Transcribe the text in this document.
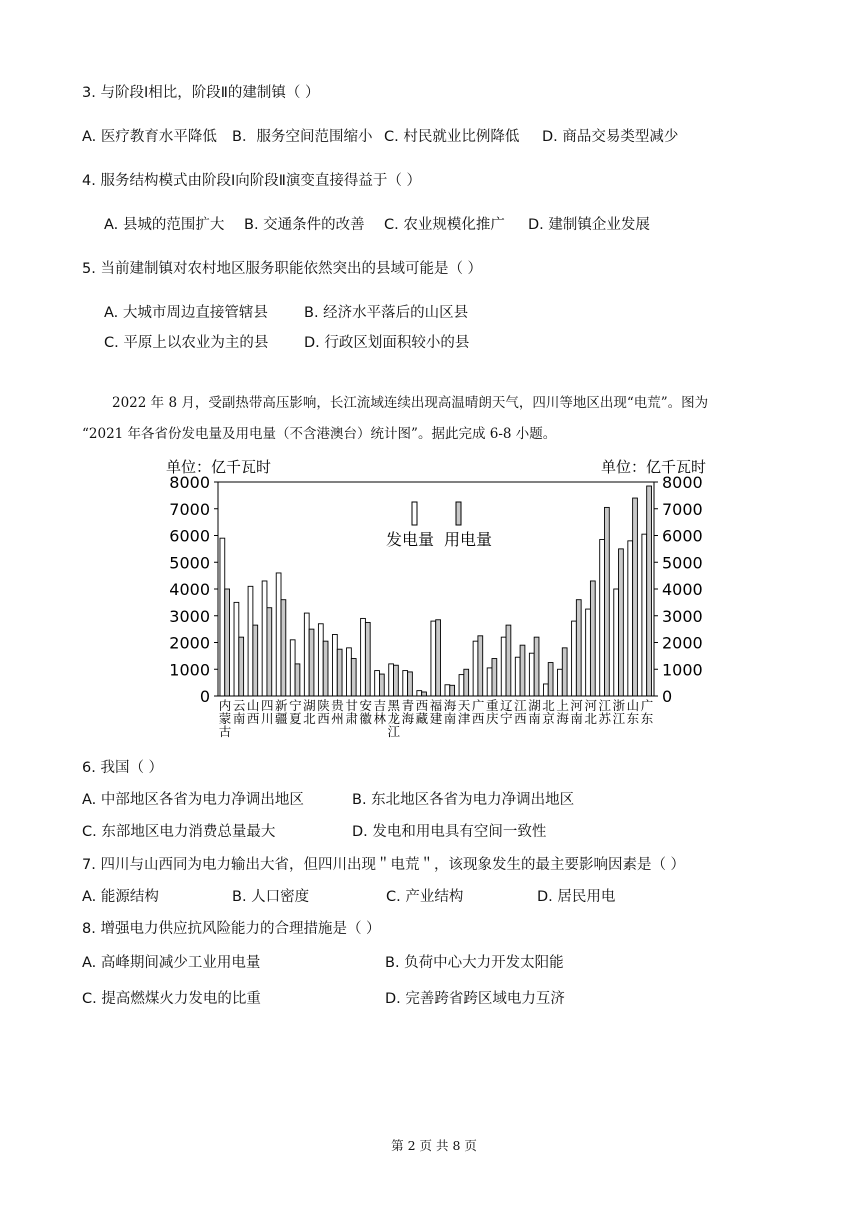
3. 与阶段Ⅰ相比，阶段Ⅱ的建制镇（ ）
A. 医疗教育水平降低 B．服务空间范围缩小 C. 村民就业比例降低 D. 商品交易类型减少
4. 服务结构模式由阶段Ⅰ向阶段Ⅱ演变直接得益于（ ）
A. 县城的范围扩大 B. 交通条件的改善 C. 农业规模化推广 D. 建制镇企业发展
5. 当前建制镇对农村地区服务职能依然突出的县域可能是（ ）
A. 大城市周边直接管辖县 B. 经济水平落后的山区县
C. 平原上以农业为主的县 D. 行政区划面积较小的县
2022 年 8 月，受副热带高压影响，长江流域连续出现高温晴朗天气，四川等地区出现“电荒”。图为
“2021 年各省份发电量及用电量（不含港澳台）统计图”。据此完成 6-8 小题。
单位：亿千瓦时	单位：亿千瓦时
0
1000
2000
3000
4000
5000
6000
7000
8000
0
1000
2000
3000
4000
5000
6000
7000
8000
内
蒙
古
云
南
山
西
四
川
新
疆
宁
夏
湖
北
陕
西
贵
州
甘
肃
安
徽
吉
林
黑
龙
江
青
海
西
藏
福
建
海
南
天
津
广
西
重
庆
辽
宁
江
西
湖
南
北
京
上
海
河
南
河
北
江
苏
浙
江
山
东
广
东
发电量 用电量
6. 我国（ ）
A. 中部地区各省为电力净调出地区	B. 东北地区各省为电力净调出地区
C. 东部地区电力消费总量最大	D. 发电和用电具有空间一致性
7. 四川与山西同为电力输出大省，但四川出现＂电荒＂，该现象发生的最主要影响因素是（ ）
A. 能源结构	B. 人口密度	C. 产业结构	D. 居民用电
8. 增强电力供应抗风险能力的合理措施是（ ）
A. 高峰期间减少工业用电量	B. 负荷中心大力开发太阳能
C. 提高燃煤火力发电的比重	D. 完善跨省跨区域电力互济
第 2 页 共 8 页
